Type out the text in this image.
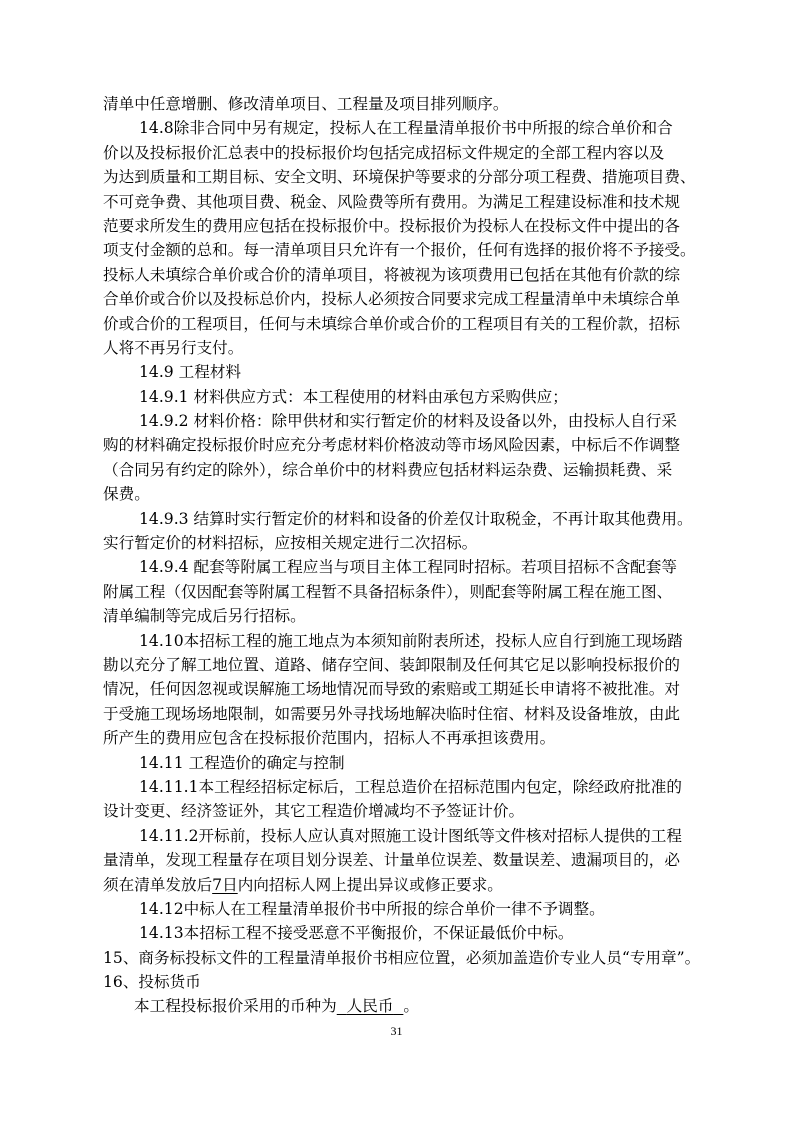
清单中任意增删、修改清单项目、工程量及项目排列顺序。
14.8除非合同中另有规定，投标人在工程量清单报价书中所报的综合单价和合
价以及投标报价汇总表中的投标报价均包括完成招标文件规定的全部工程内容以及
为达到质量和工期目标、安全文明、环境保护等要求的分部分项工程费、措施项目费、
不可竞争费、其他项目费、税金、风险费等所有费用。为满足工程建设标准和技术规
范要求所发生的费用应包括在投标报价中。投标报价为投标人在投标文件中提出的各
项支付金额的总和。每一清单项目只允许有一个报价，任何有选择的报价将不予接受。
投标人未填综合单价或合价的清单项目，将被视为该项费用已包括在其他有价款的综
合单价或合价以及投标总价内，投标人必须按合同要求完成工程量清单中未填综合单
价或合价的工程项目，任何与未填综合单价或合价的工程项目有关的工程价款，招标
人将不再另行支付。
14.9 工程材料
14.9.1 材料供应方式：本工程使用的材料由承包方采购供应；
14.9.2 材料价格：除甲供材和实行暂定价的材料及设备以外，由投标人自行采
购的材料确定投标报价时应充分考虑材料价格波动等市场风险因素，中标后不作调整
（合同另有约定的除外），综合单价中的材料费应包括材料运杂费、运输损耗费、采
保费。
14.9.3 结算时实行暂定价的材料和设备的价差仅计取税金，不再计取其他费用。
实行暂定价的材料招标，应按相关规定进行二次招标。
14.9.4 配套等附属工程应当与项目主体工程同时招标。若项目招标不含配套等
附属工程（仅因配套等附属工程暂不具备招标条件），则配套等附属工程在施工图、
清单编制等完成后另行招标。
14.10本招标工程的施工地点为本须知前附表所述，投标人应自行到施工现场踏
勘以充分了解工地位置、道路、储存空间、装卸限制及任何其它足以影响投标报价的
情况，任何因忽视或误解施工场地情况而导致的索赔或工期延长申请将不被批准。对
于受施工现场场地限制，如需要另外寻找场地解决临时住宿、材料及设备堆放，由此
所产生的费用应包含在投标报价范围内，招标人不再承担该费用。
14.11 工程造价的确定与控制
14.11.1本工程经招标定标后，工程总造价在招标范围内包定，除经政府批准的
设计变更、经济签证外，其它工程造价增减均不予签证计价。
14.11.2开标前，投标人应认真对照施工设计图纸等文件核对招标人提供的工程
量清单，发现工程量存在项目划分误差、计量单位误差、数量误差、遗漏项目的，必
须在清单发放后7日内向招标人网上提出异议或修正要求。
14.12中标人在工程量清单报价书中所报的综合单价一律不予调整。
14.13本招标工程不接受恶意不平衡报价，不保证最低价中标。
15、商务标投标文件的工程量清单报价书相应位置，必须加盖造价专业人员“专用章”。
16、投标货币
本工程投标报价采用的币种为 人民币 。
31
